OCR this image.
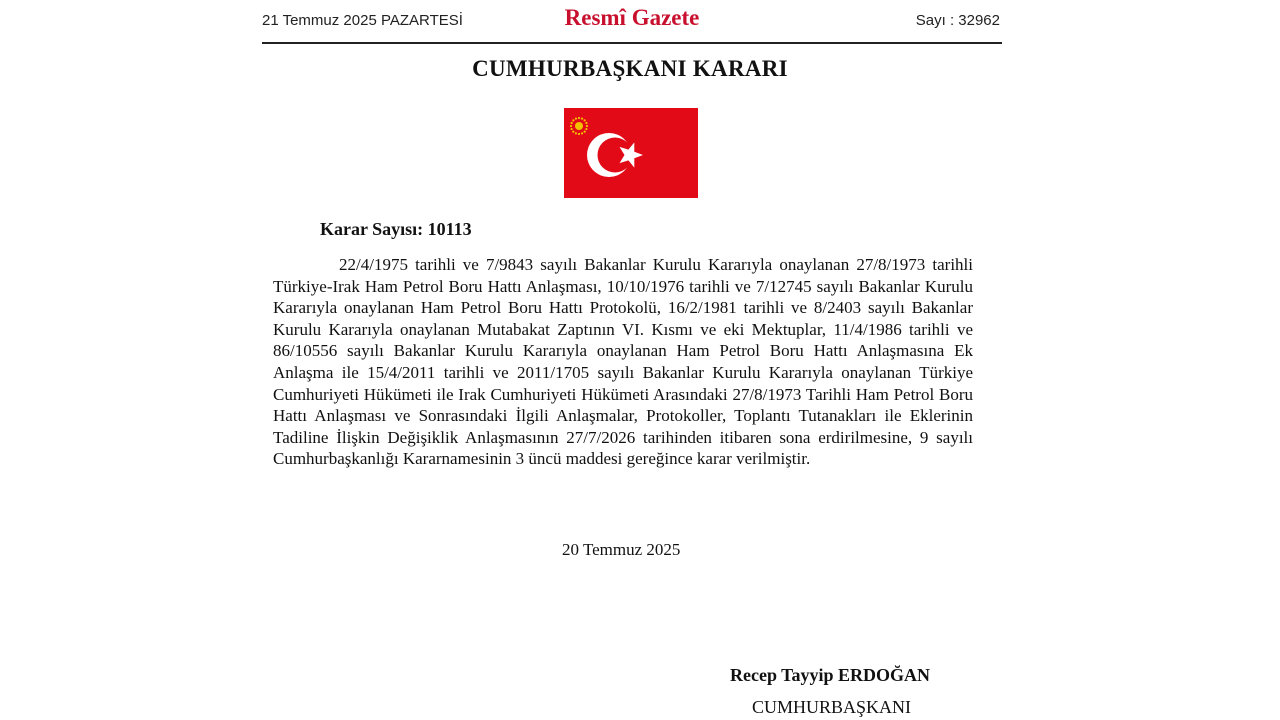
21 Temmuz 2025 PAZARTESİ	Resmî Gazete	Sayı : 32962
CUMHURBAŞKANI KARARI
Karar Sayısı: 10113

22/4/1975 tarihli ve 7/9843 sayılı Bakanlar Kurulu Kararıyla onaylanan 27/8/1973 tarihli Türkiye-Irak Ham Petrol Boru Hattı Anlaşması, 10/10/1976 tarihli ve 7/12745 sayılı Bakanlar Kurulu Kararıyla onaylanan Ham Petrol Boru Hattı Protokolü, 16/2/1981 tarihli ve 8/2403 sayılı Bakanlar Kurulu Kararıyla onaylanan Mutabakat Zaptının VI. Kısmı ve eki Mektuplar, 11/4/1986 tarihli ve 86/10556 sayılı Bakanlar Kurulu Kararıyla onaylanan Ham Petrol Boru Hattı Anlaşmasına Ek Anlaşma ile 15/4/2011 tarihli ve 2011/1705 sayılı Bakanlar Kurulu Kararıyla onaylanan Türkiye Cumhuriyeti Hükümeti ile Irak Cumhuriyeti Hükümeti Arasındaki 27/8/1973 Tarihli Ham Petrol Boru Hattı Anlaşması ve Sonrasındaki İlgili Anlaşmalar, Protokoller, Toplantı Tutanakları ile Eklerinin Tadiline İlişkin Değişiklik Anlaşmasının 27/7/2026 tarihinden itibaren sona erdirilmesine, 9 sayılı Cumhurbaşkanlığı Kararnamesinin 3 üncü maddesi gereğince karar verilmiştir.

20 Temmuz 2025
Recep Tayyip ERDOĞAN
CUMHURBAŞKANI
